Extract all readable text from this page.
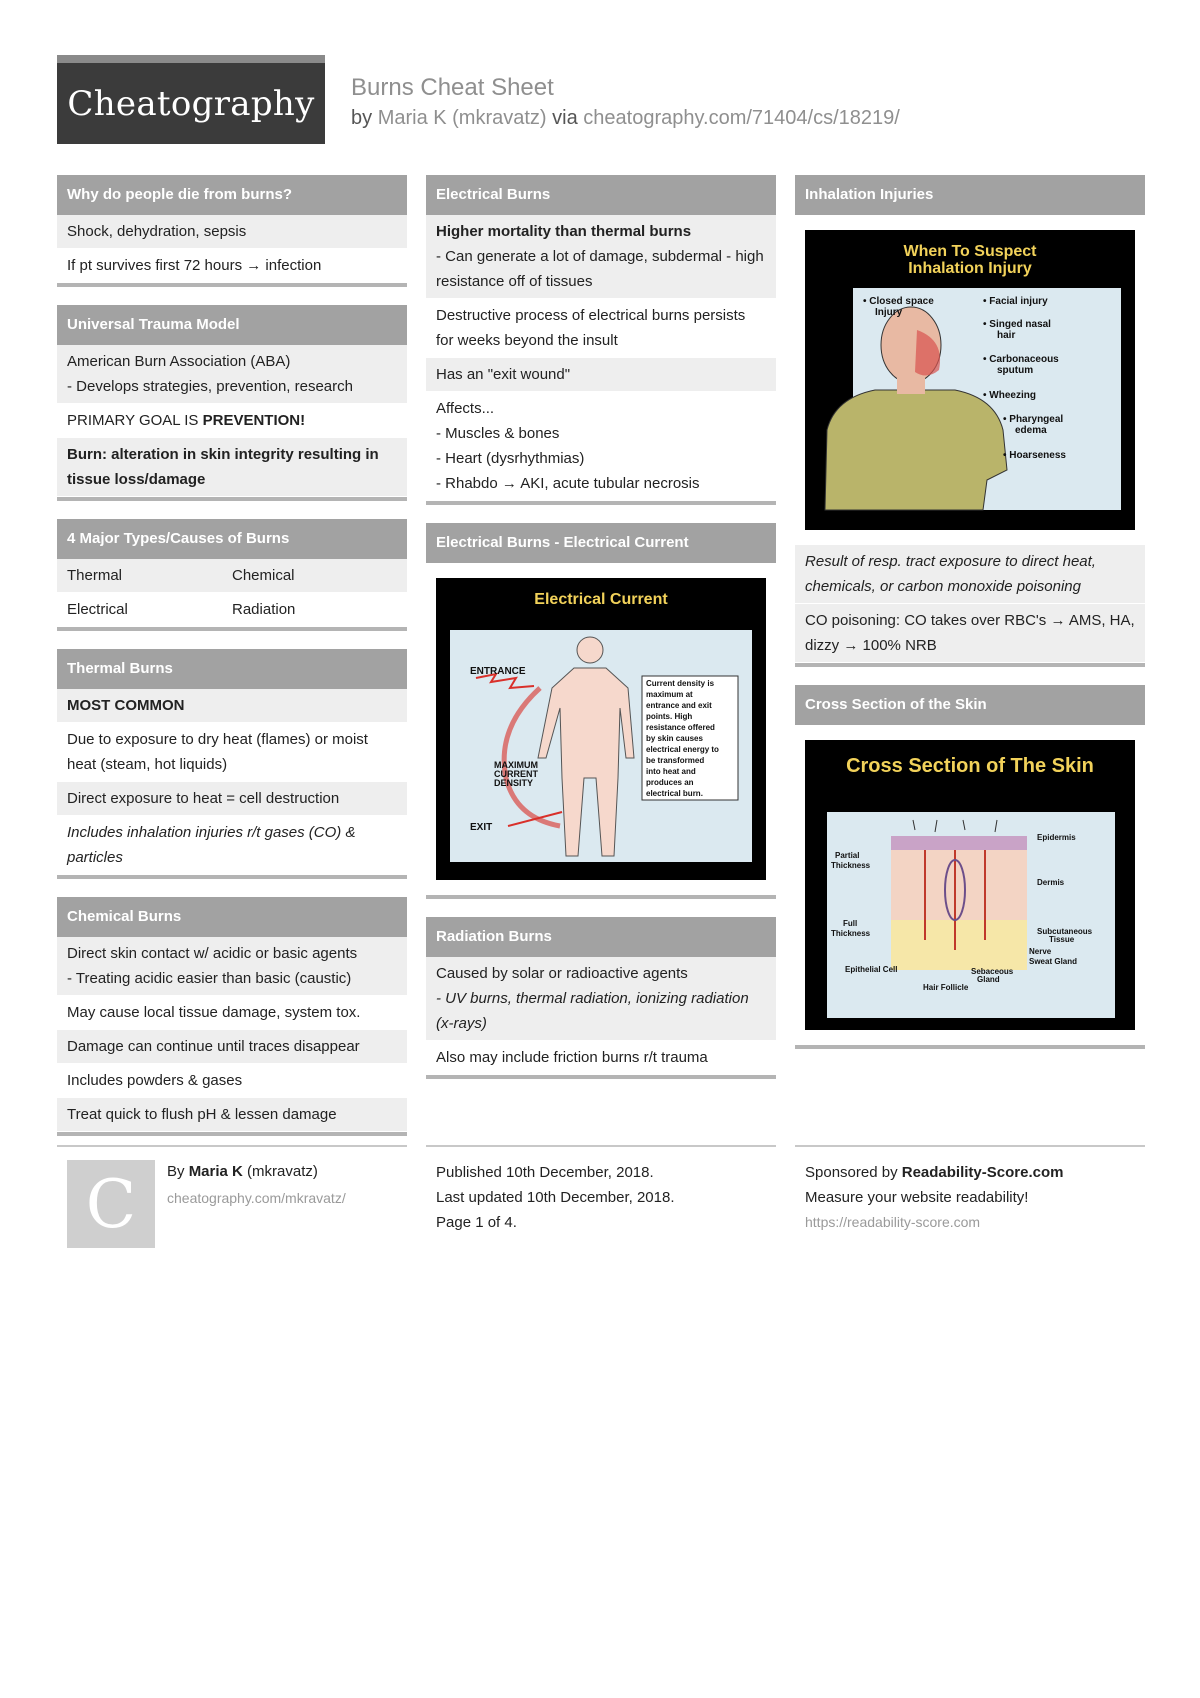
Cheatography Burns Cheat Sheet
by Maria K (mkravatz) via cheatography.com/71404/cs/18219/
Why do people die from burns?
Shock, dehydration, sepsis
If pt survives first 72 hours → infection
Universal Trauma Model
American Burn Association (ABA)
- Develops strategies, prevention, research
PRIMARY GOAL IS PREVENTION!
Burn: alteration in skin integrity resulting in tissue loss/damage
4 Major Types/Causes of Burns
Thermal	Chemical
Electrical	Radiation
Thermal Burns
MOST COMMON
Due to exposure to dry heat (flames) or moist heat (steam, hot liquids)
Direct exposure to heat = cell destruction
Includes inhalation injuries r/t gases (CO) & particles
Chemical Burns
Direct skin contact w/ acidic or basic agents
- Treating acidic easier than basic (caustic)
May cause local tissue damage, system tox.
Damage can continue until traces disappear
Includes powders & gases
Treat quick to flush pH & lessen damage
Electrical Burns
Higher mortality than thermal burns
- Can generate a lot of damage, subdermal - high resistance off of tissues
Destructive process of electrical burns persists for weeks beyond the insult
Has an "exit wound"
Affects...
- Muscles & bones
- Heart (dysrhythmias)
- Rhabdo → AKI, acute tubular necrosis
Electrical Burns - Electrical Current
Electrical Current
ENTRANCE
MAXIMUM
CURRENT
DENSITY
EXIT
Current density is
maximum at
entrance and exit
points. High
resistance offered
by skin causes
electrical energy to
be transformed
into heat and
produces an
electrical burn.
Radiation Burns
Caused by solar or radioactive agents
- UV burns, thermal radiation, ionizing radiation (x-rays)
Also may include friction burns r/t trauma
Inhalation Injuries
When To Suspect
Inhalation Injury
• Closed space
Injury
• Facial injury
• Singed nasal
hair
• Carbonaceous
sputum
• Wheezing
• Pharyngeal
edema
• Hoarseness
Result of resp. tract exposure to direct heat, chemicals, or carbon monoxide poisoning
CO poisoning: CO takes over RBC's → AMS, HA, dizzy → 100% NRB
Cross Section of the Skin
Cross Section of The Skin
Epidermis
Dermis
Subcutaneous
Tissue
Nerve
Sweat Gland
Partial
Thickness
Full
Thickness
Epithelial Cell	Sebaceous
Gland
Hair Follicle
C By Maria K (mkravatz)
cheatography.com/mkravatz/
Published 10th December, 2018.
Last updated 10th December, 2018.
Page 1 of 4.
Sponsored by Readability-Score.com
Measure your website readability!
https://readability-score.com
